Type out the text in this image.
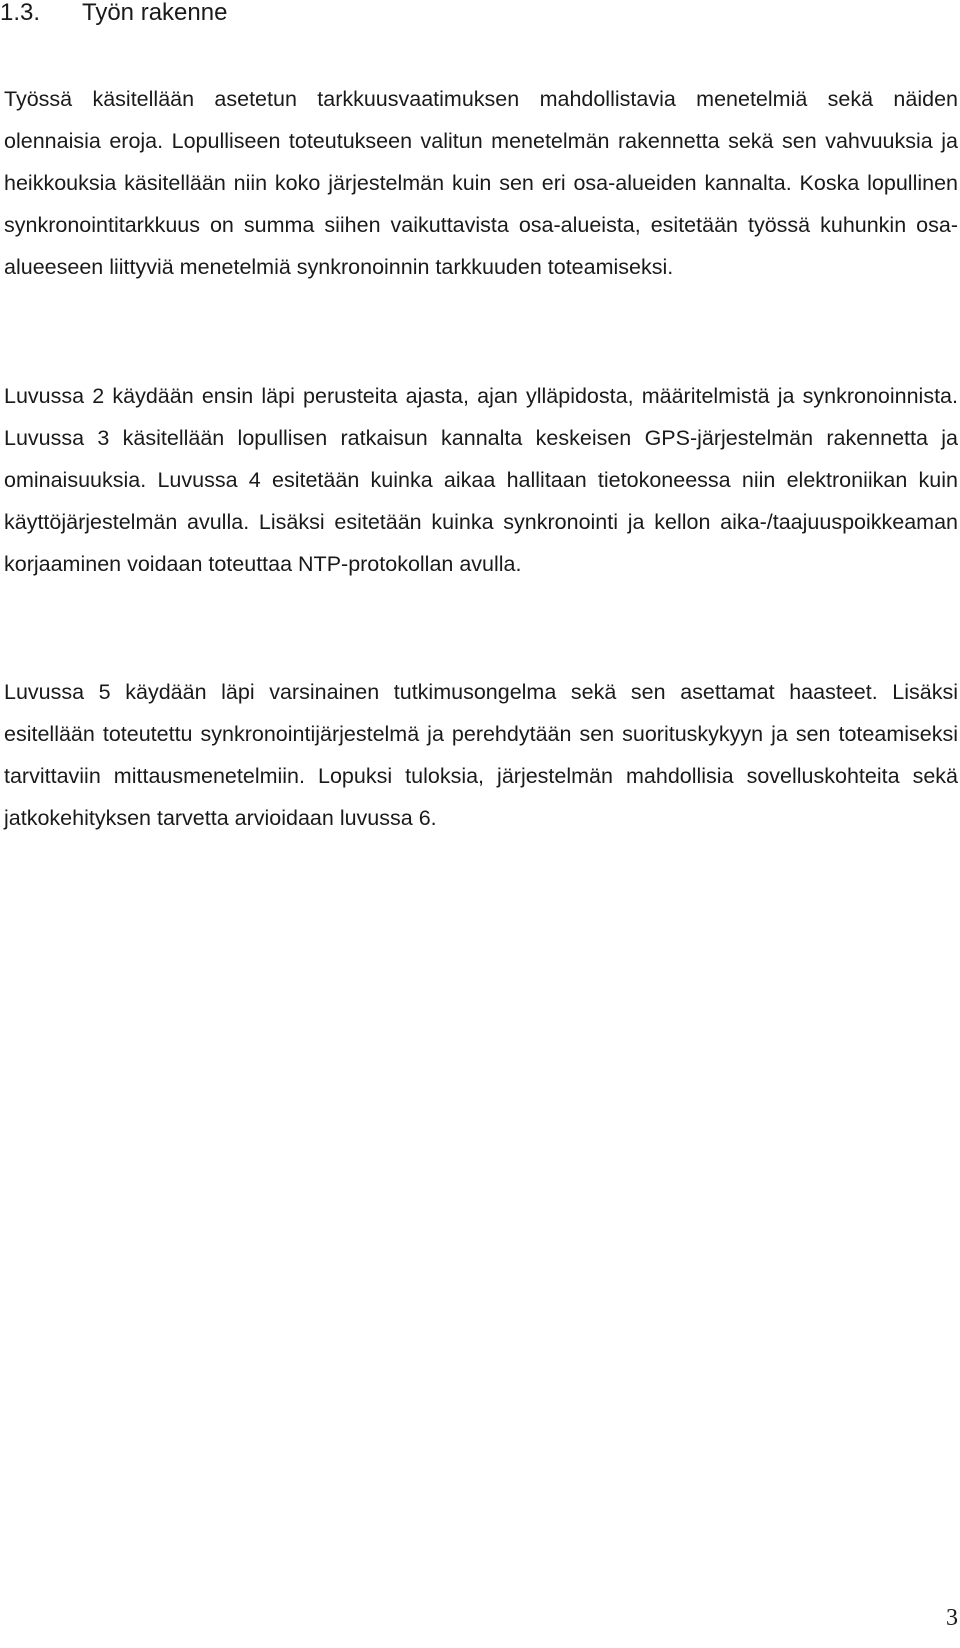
1.3. Työn rakenne

Työssä käsitellään asetetun tarkkuusvaatimuksen mahdollistavia menetelmiä sekä näiden olennaisia eroja. Lopulliseen toteutukseen valitun menetelmän rakennetta sekä sen vahvuuksia ja heikkouksia käsitellään niin koko järjestelmän kuin sen eri osa-alueiden kannalta. Koska lopullinen synkronointitarkkuus on summa siihen vaikuttavista osa-alueista, esitetään työssä kuhunkin osa-alueeseen liittyviä menetelmiä synkronoinnin tarkkuuden toteamiseksi.

Luvussa 2 käydään ensin läpi perusteita ajasta, ajan ylläpidosta, määritelmistä ja synkronoinnista. Luvussa 3 käsitellään lopullisen ratkaisun kannalta keskeisen GPS-järjestelmän rakennetta ja ominaisuuksia. Luvussa 4 esitetään kuinka aikaa hallitaan tietokoneessa niin elektroniikan kuin käyttöjärjestelmän avulla. Lisäksi esitetään kuinka synkronointi ja kellon aika-/taajuuspoikkeaman korjaaminen voidaan toteuttaa NTP-protokollan avulla.

Luvussa 5 käydään läpi varsinainen tutkimusongelma sekä sen asettamat haasteet. Lisäksi esitellään toteutettu synkronointijärjestelmä ja perehdytään sen suorituskykyyn ja sen toteamiseksi tarvittaviin mittausmenetelmiin. Lopuksi tuloksia, järjestelmän mahdollisia sovelluskohteita sekä jatkokehityksen tarvetta arvioidaan luvussa 6.

3
